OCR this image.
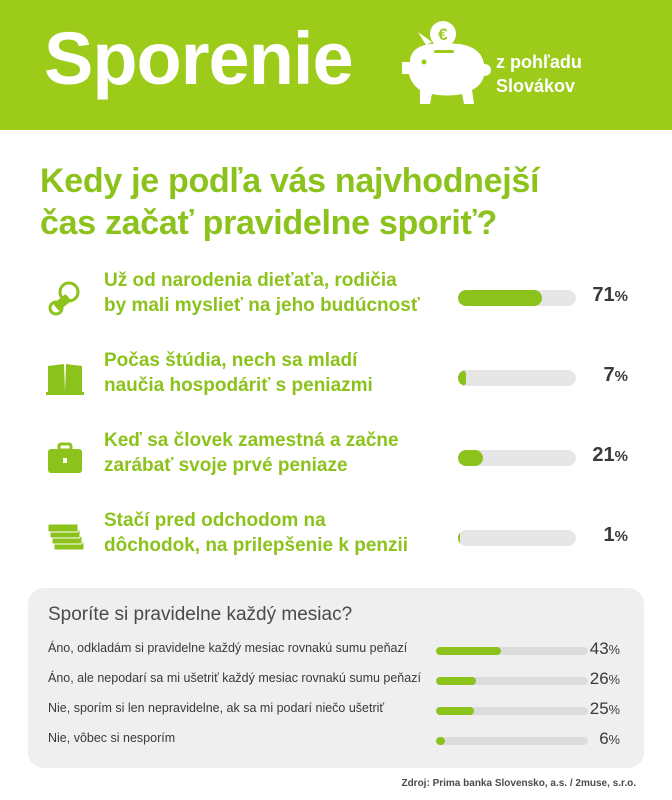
Sporenie	€
z pohľadu
Slovákov
Kedy je podľa vás najvhodnejší
čas začať pravidelne sporiť?
Už od narodenia dieťaťa, rodičia
by mali myslieť na jeho budúcnosť	71%
Počas štúdia, nech sa mladí
naučia hospodáriť s peniazmi	7%
Keď sa človek zamestná a začne
zarábať svoje prvé peniaze	21%
Stačí pred odchodom na
dôchodok, na prilepšenie k penzii	1%
Sporíte si pravidelne každý mesiac?
Áno, odkladám si pravidelne každý mesiac rovnakú sumu peňazí	43%
Áno, ale nepodarí sa mi ušetriť každý mesiac rovnakú sumu peňazí	26%
Nie, sporím si len nepravidelne, ak sa mi podarí niečo ušetriť	25%
Nie, vôbec si nesporím	6%
Zdroj: Prima banka Slovensko, a.s. / 2muse, s.r.o.
